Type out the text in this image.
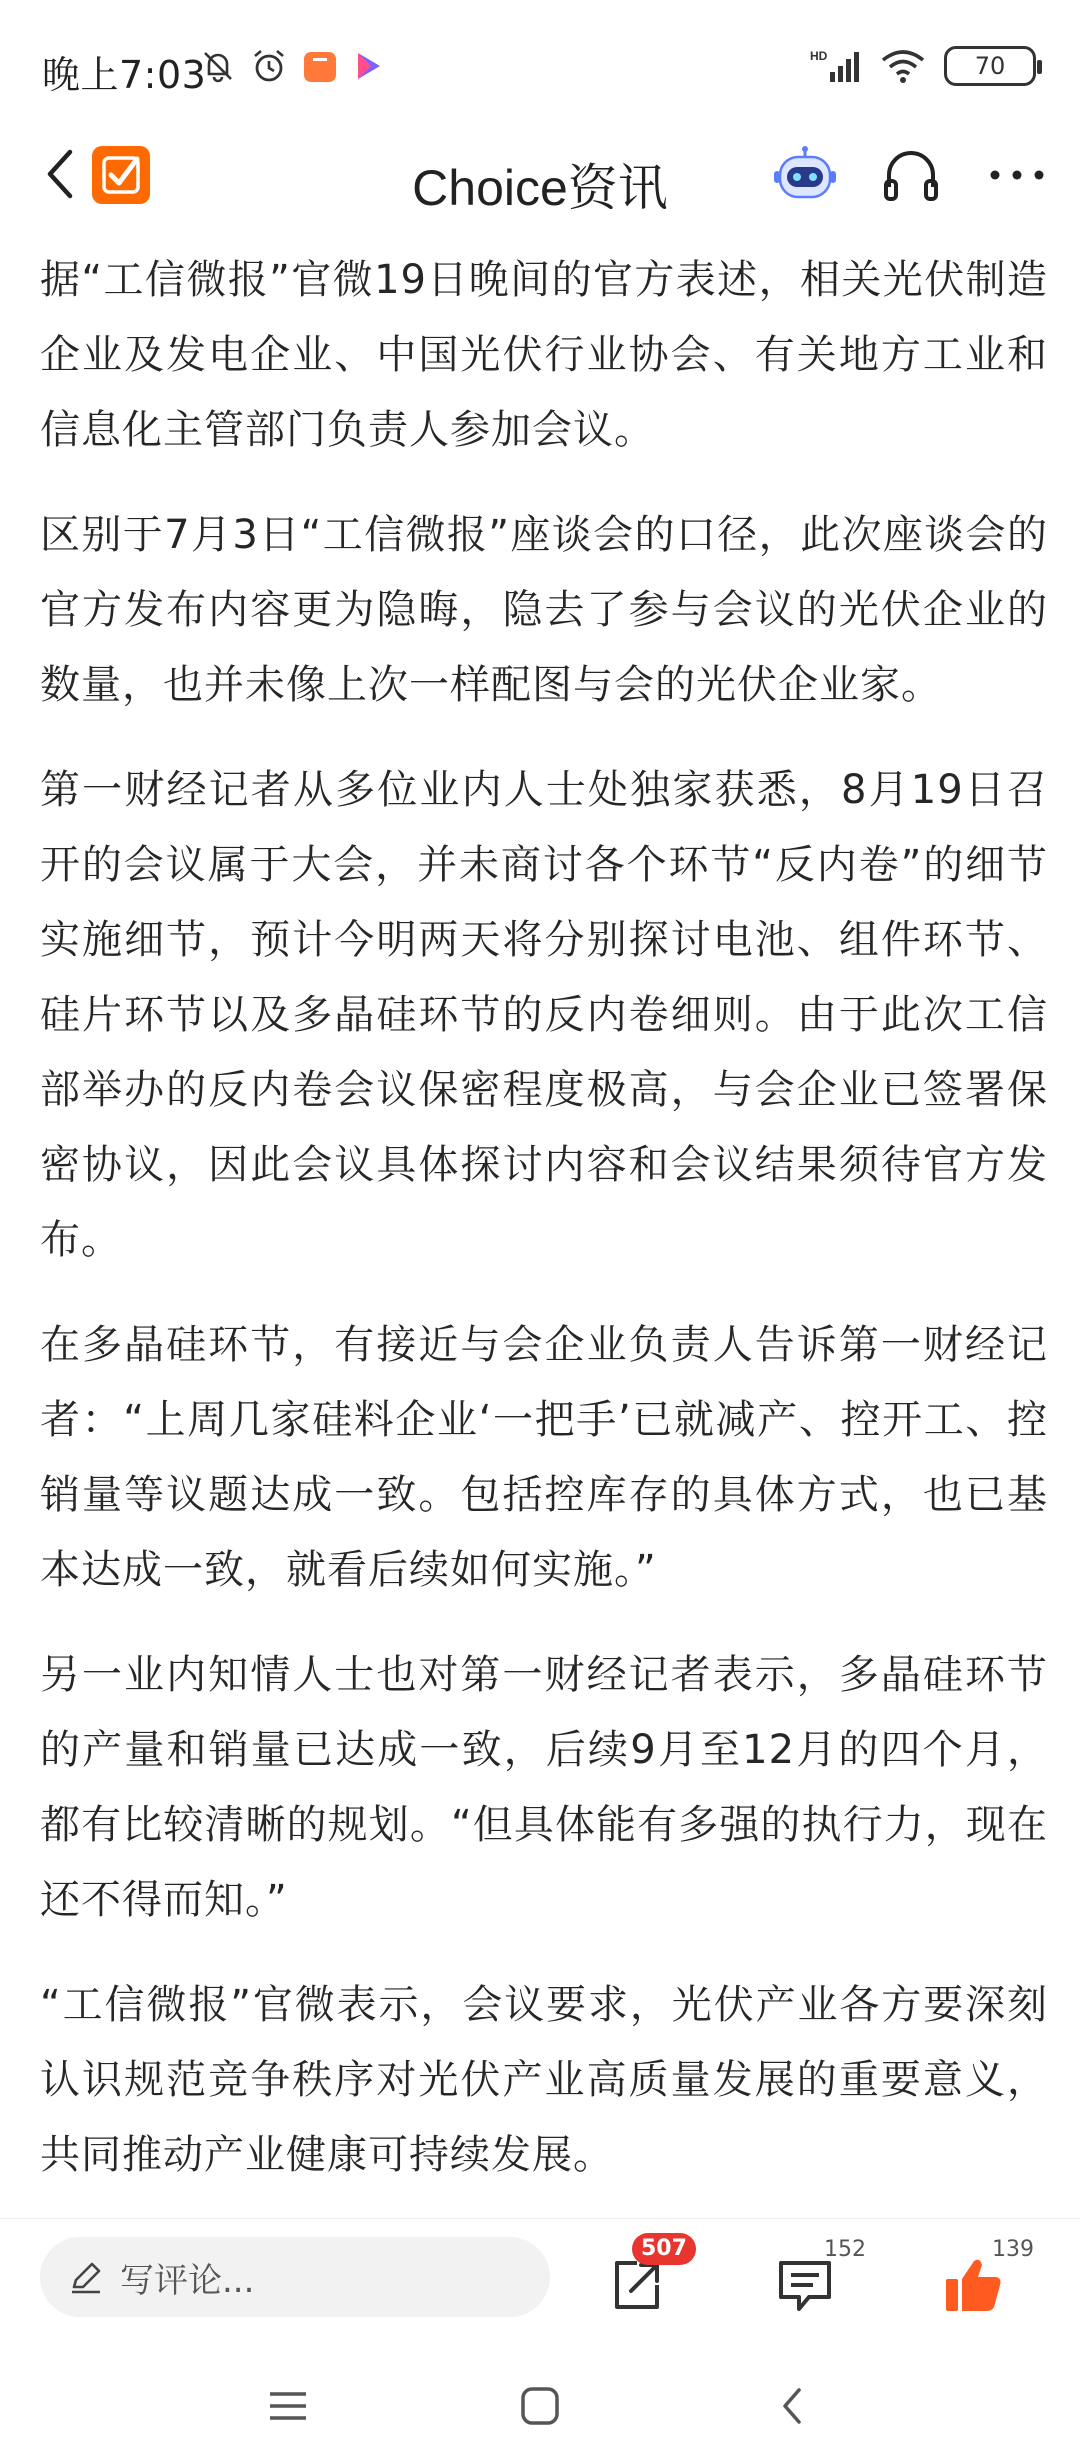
晚上7:03	HD	70
Choice资讯

据“工信微报”官微19日晚间的官方表述，相关光伏制造企业及发电企业、中国光伏行业协会、有关地方工业和信息化主管部门负责人参加会议。

区别于7月3日“工信微报”座谈会的口径，此次座谈会的官方发布内容更为隐晦，隐去了参与会议的光伏企业的数量，也并未像上次一样配图与会的光伏企业家。

第一财经记者从多位业内人士处独家获悉，8月19日召开的会议属于大会，并未商讨各个环节“反内卷”的细节实施细节，预计今明两天将分别探讨电池、组件环节、硅片环节以及多晶硅环节的反内卷细则。由于此次工信部举办的反内卷会议保密程度极高，与会企业已签署保密协议，因此会议具体探讨内容和会议结果须待官方发布。

在多晶硅环节，有接近与会企业负责人告诉第一财经记者：“上周几家硅料企业‘一把手’已就减产、控开工、控销量等议题达成一致。包括控库存的具体方式，也已基本达成一致，就看后续如何实施。”

另一业内知情人士也对第一财经记者表示，多晶硅环节的产量和销量已达成一致，后续9月至12月的四个月，都有比较清晰的规划。“但具体能有多强的执行力，现在还不得而知。”

“工信微报”官微表示，会议要求，光伏产业各方要深刻认识规范竞争秩序对光伏产业高质量发展的重要意义，共同推动产业健康可持续发展。

写评论...
507	152	139
